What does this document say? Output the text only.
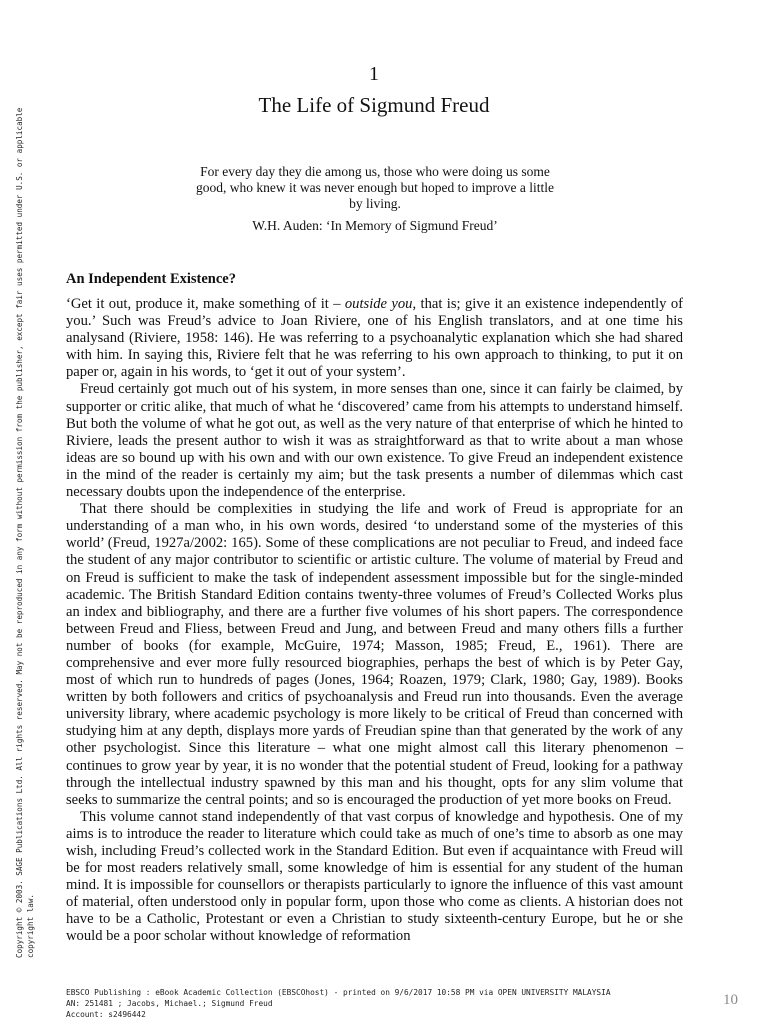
Copyright © 2003. SAGE Publications Ltd. All rights reserved. May not be reproduced in any form without permission from the publisher, except fair uses permitted under U.S. or applicable copyright law.
1
The Life of Sigmund Freud
For every day they die among us, those who were doing us some good, who knew it was never enough but hoped to improve a little by living.
W.H. Auden: ‘In Memory of Sigmund Freud’
An Independent Existence?

‘Get it out, produce it, make something of it – outside you, that is; give it an existence independently of you.’ Such was Freud’s advice to Joan Riviere, one of his English translators, and at one time his analysand (Riviere, 1958: 146). He was referring to a psychoanalytic explanation which she had shared with him. In saying this, Riviere felt that he was referring to his own approach to thinking, to put it on paper or, again in his words, to ‘get it out of your system’.

Freud certainly got much out of his system, in more senses than one, since it can fairly be claimed, by supporter or critic alike, that much of what he ‘discovered’ came from his attempts to understand himself. But both the volume of what he got out, as well as the very nature of that enterprise of which he hinted to Riviere, leads the present author to wish it was as straightforward as that to write about a man whose ideas are so bound up with his own and with our own existence. To give Freud an independent existence in the mind of the reader is certainly my aim; but the task presents a number of dilemmas which cast necessary doubts upon the independence of the enterprise.

That there should be complexities in studying the life and work of Freud is appropriate for an understanding of a man who, in his own words, desired ‘to understand some of the mysteries of this world’ (Freud, 1927a/2002: 165). Some of these complications are not peculiar to Freud, and indeed face the student of any major contributor to scientific or artistic culture. The volume of material by Freud and on Freud is sufficient to make the task of independent assessment impossible but for the single-minded academic. The British Standard Edition contains twenty-three volumes of Freud’s Collected Works plus an index and bibliography, and there are a further five volumes of his short papers. The correspondence between Freud and Fliess, between Freud and Jung, and between Freud and many others fills a further number of books (for example, McGuire, 1974; Masson, 1985; Freud, E., 1961). There are comprehensive and ever more fully resourced biographies, perhaps the best of which is by Peter Gay, most of which run to hundreds of pages (Jones, 1964; Roazen, 1979; Clark, 1980; Gay, 1989). Books written by both followers and critics of psychoanalysis and Freud run into thousands. Even the average university library, where academic psychology is more likely to be critical of Freud than concerned with studying him at any depth, displays more yards of Freudian spine than that generated by the work of any other psychologist. Since this literature – what one might almost call this literary phenomenon – continues to grow year by year, it is no wonder that the potential student of Freud, looking for a pathway through the intellectual industry spawned by this man and his thought, opts for any slim volume that seeks to summarize the central points; and so is encouraged the production of yet more books on Freud.

This volume cannot stand independently of that vast corpus of knowledge and hypothesis. One of my aims is to introduce the reader to literature which could take as much of one’s time to absorb as one may wish, including Freud’s collected work in the Standard Edition. But even if acquaintance with Freud will be for most readers relatively small, some knowledge of him is essential for any student of the human mind. It is impossible for counsellors or therapists particularly to ignore the influence of this vast amount of material, often understood only in popular form, upon those who come as clients. A historian does not have to be a Catholic, Protestant or even a Christian to study sixteenth-century Europe, but he or she would be a poor scholar without knowledge of reformation

EBSCO Publishing : eBook Academic Collection (EBSCOhost) - printed on 9/6/2017 10:58 PM via OPEN UNIVERSITY MALAYSIA
AN: 251481 ; Jacobs, Michael.; Sigmund Freud
Account: s2496442
10
